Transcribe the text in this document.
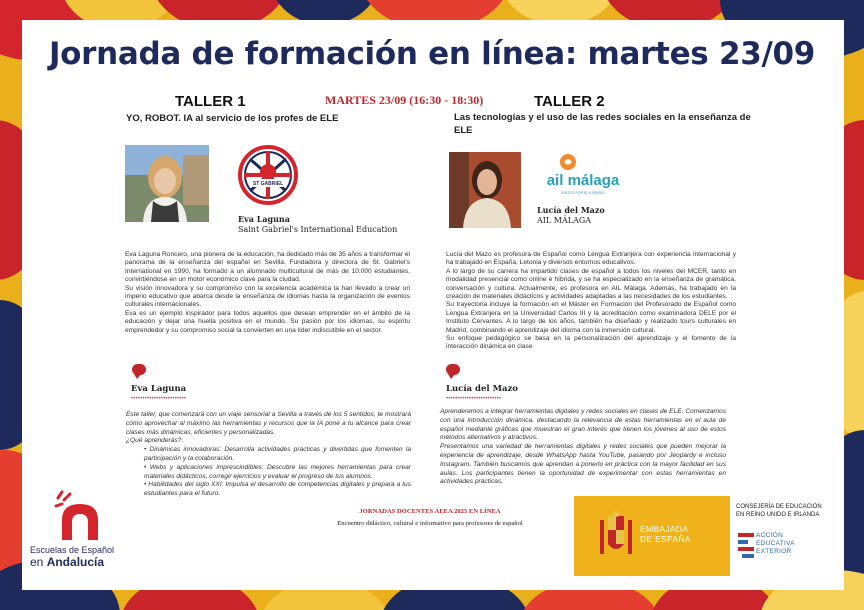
Jornada de formación en línea: martes 23/09
TALLER 1	MARTES 23/09 (16:30 - 18:30)	TALLER 2
YO, ROBOT. IA al servicio de los profes de ELE	Las tecnologías y el uso de las redes sociales en la enseñanza de ELE
ST GABRIEL
Eva Laguna
Saint Gabriel's International Education
ail málaga
JUNTOS POR EL ESPAÑOL
Lucía del Mazo
AIL MÁLAGA

Eva Laguna Roncero, una pionera de la educación, ha dedicado más de 35 años a transformar el panorama de la enseñanza del español en Sevilla. Fundadora y directora de St. Gabriel's International en 1990, ha formado a un alumnado multicultural de más de 10.000 estudiantes, convirtiéndose en un motor económico clave para la ciudad.

Su visión innovadora y su compromiso con la excelencia académica la han llevado a crear un imperio educativo que abarca desde la enseñanza de idiomas hasta la organización de eventos culturales internacionales.

Eva es un ejemplo inspirador para todos aquellos que desean emprender en el ámbito de la educación y dejar una huella positiva en el mundo. Su pasión por los idiomas, su espíritu emprendedor y su compromiso social la convierten en una líder indiscutible en el sector.

Lucía del Mazo es profesora de Español como Lengua Extranjera con experiencia internacional y ha trabajado en España, Letonia y diversos entornos educativos.

A lo largo de su carrera ha impartido clases de español a todos los niveles del MCER, tanto en modalidad presencial como online e híbrida, y se ha especializado en la enseñanza de gramática, conversación y cultura. Actualmente, es profesora en AIL Málaga. Además, ha trabajado en la creación de materiales didácticos y actividades adaptadas a las necesidades de los estudiantes.

Su trayectoria incluye la formación en el Máster en Formación del Profesorado de Español como Lengua Extranjera en la Universidad Carlos III y la acreditación como examinadora DELE por el Instituto Cervantes. A lo largo de los años, también ha diseñado y realizado tours culturales en Madrid, combinando el aprendizaje del idioma con la inmersión cultural.

Su enfoque pedagógico se basa en la personalización del aprendizaje y el fomento de la interacción dinámica en clase

Eva Laguna
••••••••••••••••••••••••
Lucía del Mazo
••••••••••••••••••••••••

Este taller, que comenzará con un viaje sensorial a Sevilla a través de los 5 sentidos, te mostrará cómo aprovechar al máximo las herramientas y recursos que la IA pone a tu alcance para crear clases más dinámicas, eficientes y personalizadas.

¿Qué aprenderás?:

• Dinámicas innovadoras: Desarrolla actividades prácticas y divertidas que fomenten la participación y la colaboración.

• Webs y aplicaciones imprescindibles: Descubre las mejores herramientas para crear materiales didácticos, corregir ejercicios y evaluar el progreso de tus alumnos.

• Habilidades del siglo XXI: Impulsa el desarrollo de competencias digitales y prepara a tus estudiantes para el futuro.

Aprenderemos a integrar herramientas digitales y redes sociales en clases de ELE. Comenzamos con una introducción dinámica, destacando la relevancia de estas herramientas en el aula de español mediante gráficas que muestran el gran interés que tienen los jóvenes al uso de estos métodos alternativos y atractivos.

Presentamos una variedad de herramientas digitales y redes sociales que pueden mejorar la experiencia de aprendizaje, desde WhatsApp hasta YouTube, pasando por Jeopardy e incluso Instagram. También buscamos que aprendan a ponerlo en práctica con la mayor facilidad en sus aulas. Los participantes tienen la oportunidad de experimentar con estas herramientas en actividades prácticas.

JORNADAS DOCENTES AEEA 2025 EN LÍNEA
Encuentro didáctico, cultural e informativo para profesores de español
Escuelas de Español
en Andalucía
EMBAJADA
DE ESPAÑA
CONSEJERÍA DE EDUCACIÓN
EN REINO UNIDO E IRLANDA
ACCIÓN
EDUCATIVA
EXTERIOR
